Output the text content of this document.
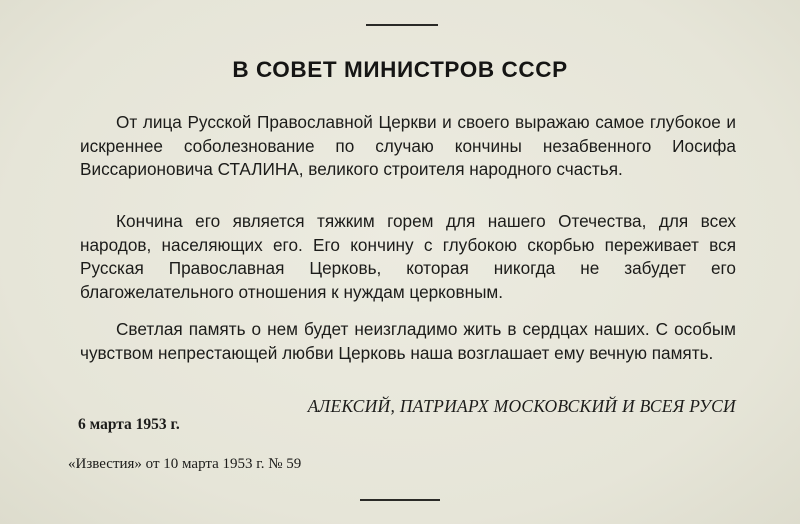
В СОВЕТ МИНИСТРОВ СССР

От лица Русской Православной Церкви и своего выражаю самое глубокое и искреннее соболезнование по случаю кончины незабвенного Иосифа Виссарионовича СТАЛИНА, великого строителя народного счастья.

Кончина его является тяжким горем для нашего Отечества, для всех народов, населяющих его. Его кончину с глубокою скорбью переживает вся Русская Православная Церковь, которая никогда не забудет его благожелательного отношения к нуждам церковным.

Светлая память о нем будет неизгладимо жить в сердцах наших. С особым чувством непрестающей любви Церковь наша возглашает ему вечную память.

АЛЕКСИЙ, ПАТРИАРХ МОСКОВСКИЙ И ВСЕЯ РУСИ
6 марта 1953 г.
«Известия» от 10 марта 1953 г. № 59
